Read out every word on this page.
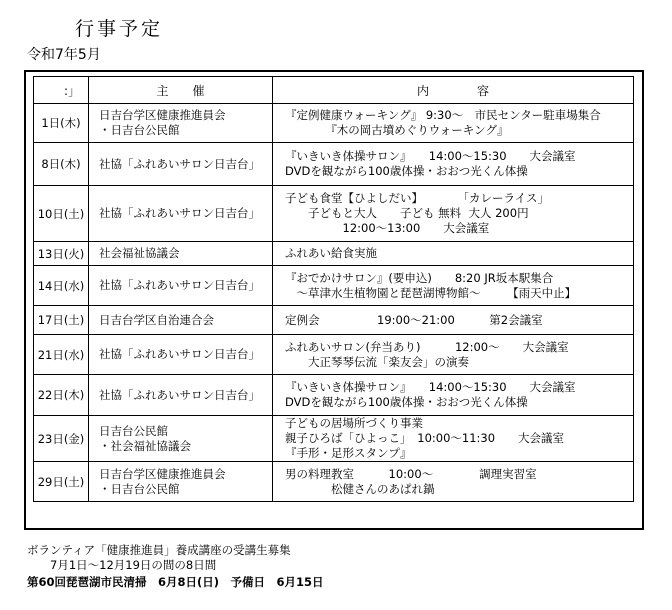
行事予定
令和7年5月
:」	主　　催	内　　　　容
1日(木)	日吉台学区健康推進員会
・日吉台公民館	『定例健康ウォーキング』 9:30～　市民センター駐車場集合
　　　　『木の岡古墳めぐりウォーキング』

8日(木)	社協「ふれあいサロン日吉台」	『いきいき体操サロン』　　14:00～15:30　　大会議室
DVDを観ながら100歳体操・おおつ光くん体操

10日(土)	社協「ふれあいサロン日吉台」	子ども食堂【ひよしだい】　　　　「カレーライス」
　　子どもと大人　　子ども 無料  大人 200円
　　　　　12:00～13:00　　大会議室

13日(火)	社会福祉協議会	ふれあい給食実施

14日(水)	社協「ふれあいサロン日吉台」	『おでかけサロン』(要申込)　　8:20 JR坂本駅集合
　～草津水生植物園と琵琶湖博物館～　　 【雨天中止】

17日(土)	日吉台学区自治連合会	定例会　　　　　19:00～21:00　　　第2会議室

21日(水)	社協「ふれあいサロン日吉台」	ふれあいサロン(弁当あり)　　　12:00～　　大会議室
　　大正琴琴伝流「楽友会」の演奏

22日(木)	社協「ふれあいサロン日吉台」	『いきいき体操サロン』　　14:00～15:30　　大会議室
DVDを観ながら100歳体操・おおつ光くん体操

23日(金)	日吉台公民館
・社会福祉協議会	子どもの居場所づくり事業
親子ひろば「ひよっこ」　10:00～11:30　　大会議室
『手形・足形スタンプ』

29日(土)	日吉台学区健康推進員会
・日吉台公民館	男の料理教室　　　10:00～　　　　調理実習室
　　　　松健さんのあぱれ鍋
ボランティア「健康推進員」養成講座の受講生募集
　　7月1日～12月19日の間の8日間
第60回琵琶湖市民清掃　6月8日(日)　予備日　6月15日
